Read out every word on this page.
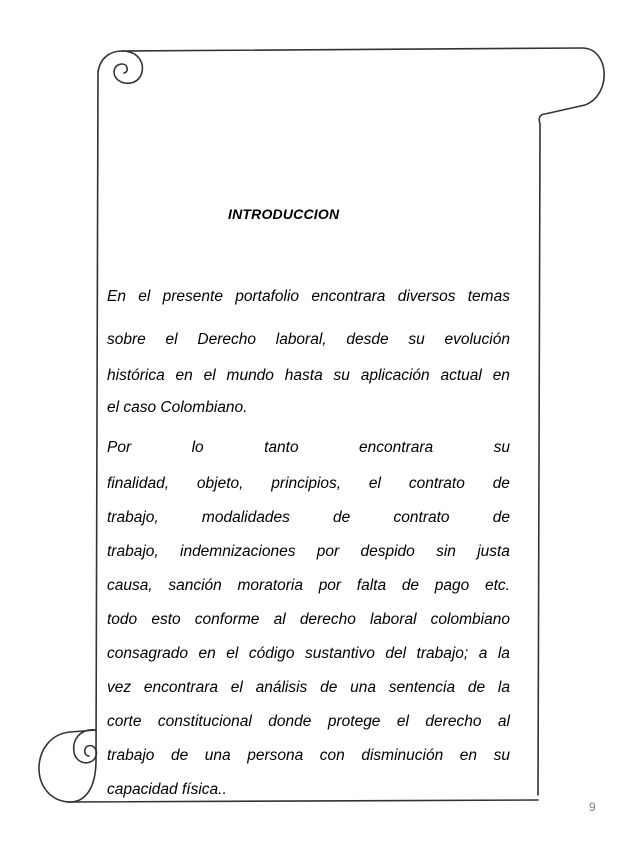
INTRODUCCION
En el presente portafolio encontrara diversos temas
sobre el Derecho laboral, desde su evolución
histórica en el mundo hasta su aplicación actual en
el caso Colombiano.
Por	lo	tanto	encontrara	su
finalidad, objeto, principios, el contrato de
trabajo,	modalidades	de	contrato	de
trabajo, indemnizaciones por despido sin justa
causa, sanción moratoria por falta de pago etc.
todo esto conforme al derecho laboral colombiano
consagrado en el código sustantivo del trabajo; a la
vez encontrara el análisis de una sentencia de la
corte constitucional donde protege el derecho al
trabajo de una persona con disminución en su
capacidad física..
9
